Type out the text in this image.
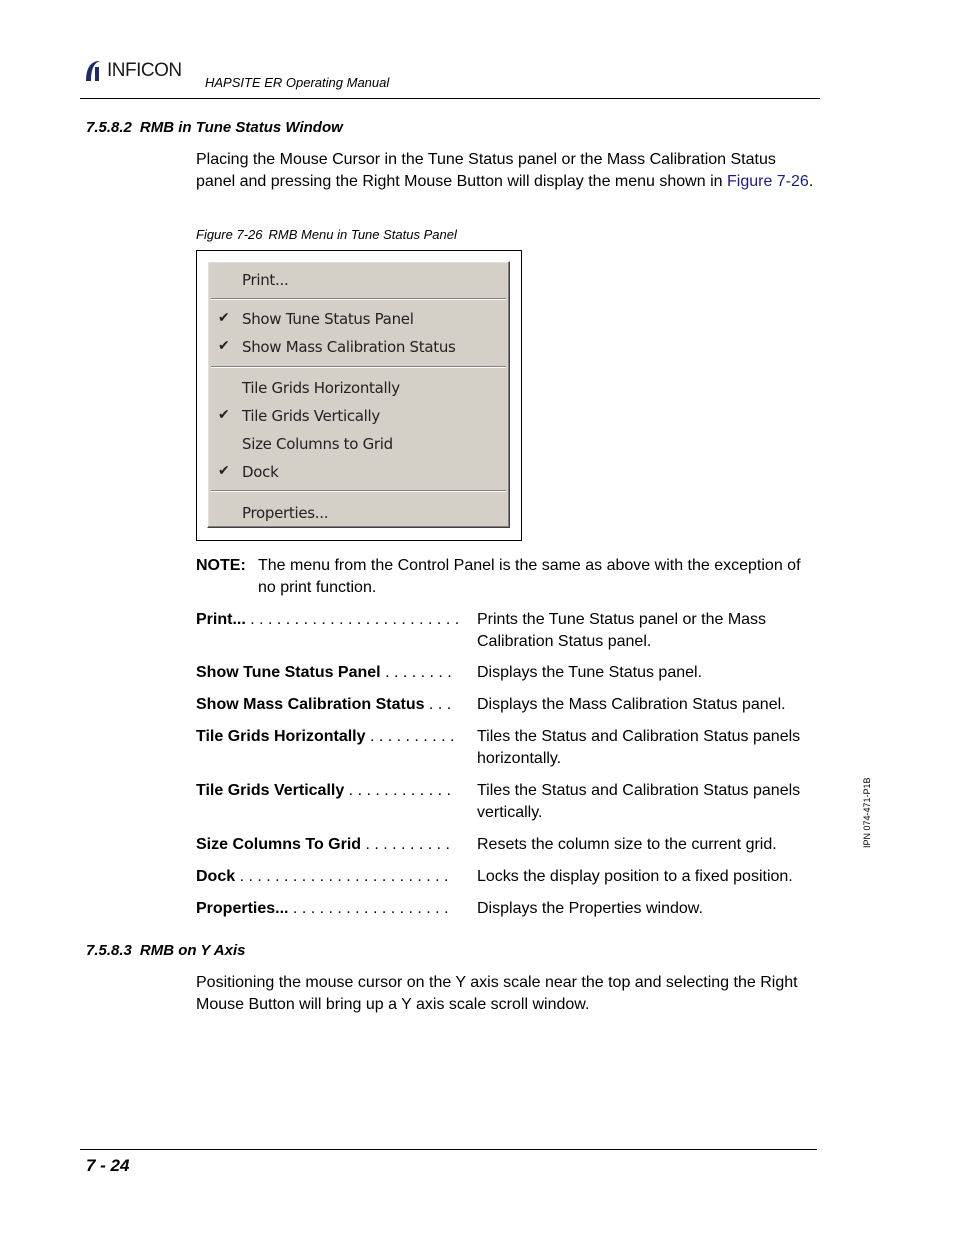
INFICON
HAPSITE ER Operating Manual
7.5.8.2 RMB in Tune Status Window
Placing the Mouse Cursor in the Tune Status panel or the Mass Calibration Status panel and pressing the Right Mouse Button will display the menu shown in Figure 7-26.
Figure 7-26 RMB Menu in Tune Status Panel
Print...
✔ Show Tune Status Panel
✔ Show Mass Calibration Status
Tile Grids Horizontally
✔ Tile Grids Vertically
Size Columns to Grid
✔ Dock
Properties...
NOTE: The menu from the Control Panel is the same as above with the exception of no print function.
Print... . . . . . . . . . . . . . . . . . . . . . . . .	Prints the Tune Status panel or the Mass Calibration Status panel.
Show Tune Status Panel . . . . . . . .	Displays the Tune Status panel.
Show Mass Calibration Status . . .	Displays the Mass Calibration Status panel.
Tile Grids Horizontally . . . . . . . . . .	Tiles the Status and Calibration Status panels horizontally.
Tile Grids Vertically . . . . . . . . . . . .	Tiles the Status and Calibration Status panels vertically.
Size Columns To Grid . . . . . . . . . .	Resets the column size to the current grid.
Dock . . . . . . . . . . . . . . . . . . . . . . . .	Locks the display position to a fixed position.
Properties... . . . . . . . . . . . . . . . . . .	Displays the Properties window.
7.5.8.3 RMB on Y Axis
Positioning the mouse cursor on the Y axis scale near the top and selecting the Right Mouse Button will bring up a Y axis scale scroll window.
IPN 074-471-P1B
7 - 24
